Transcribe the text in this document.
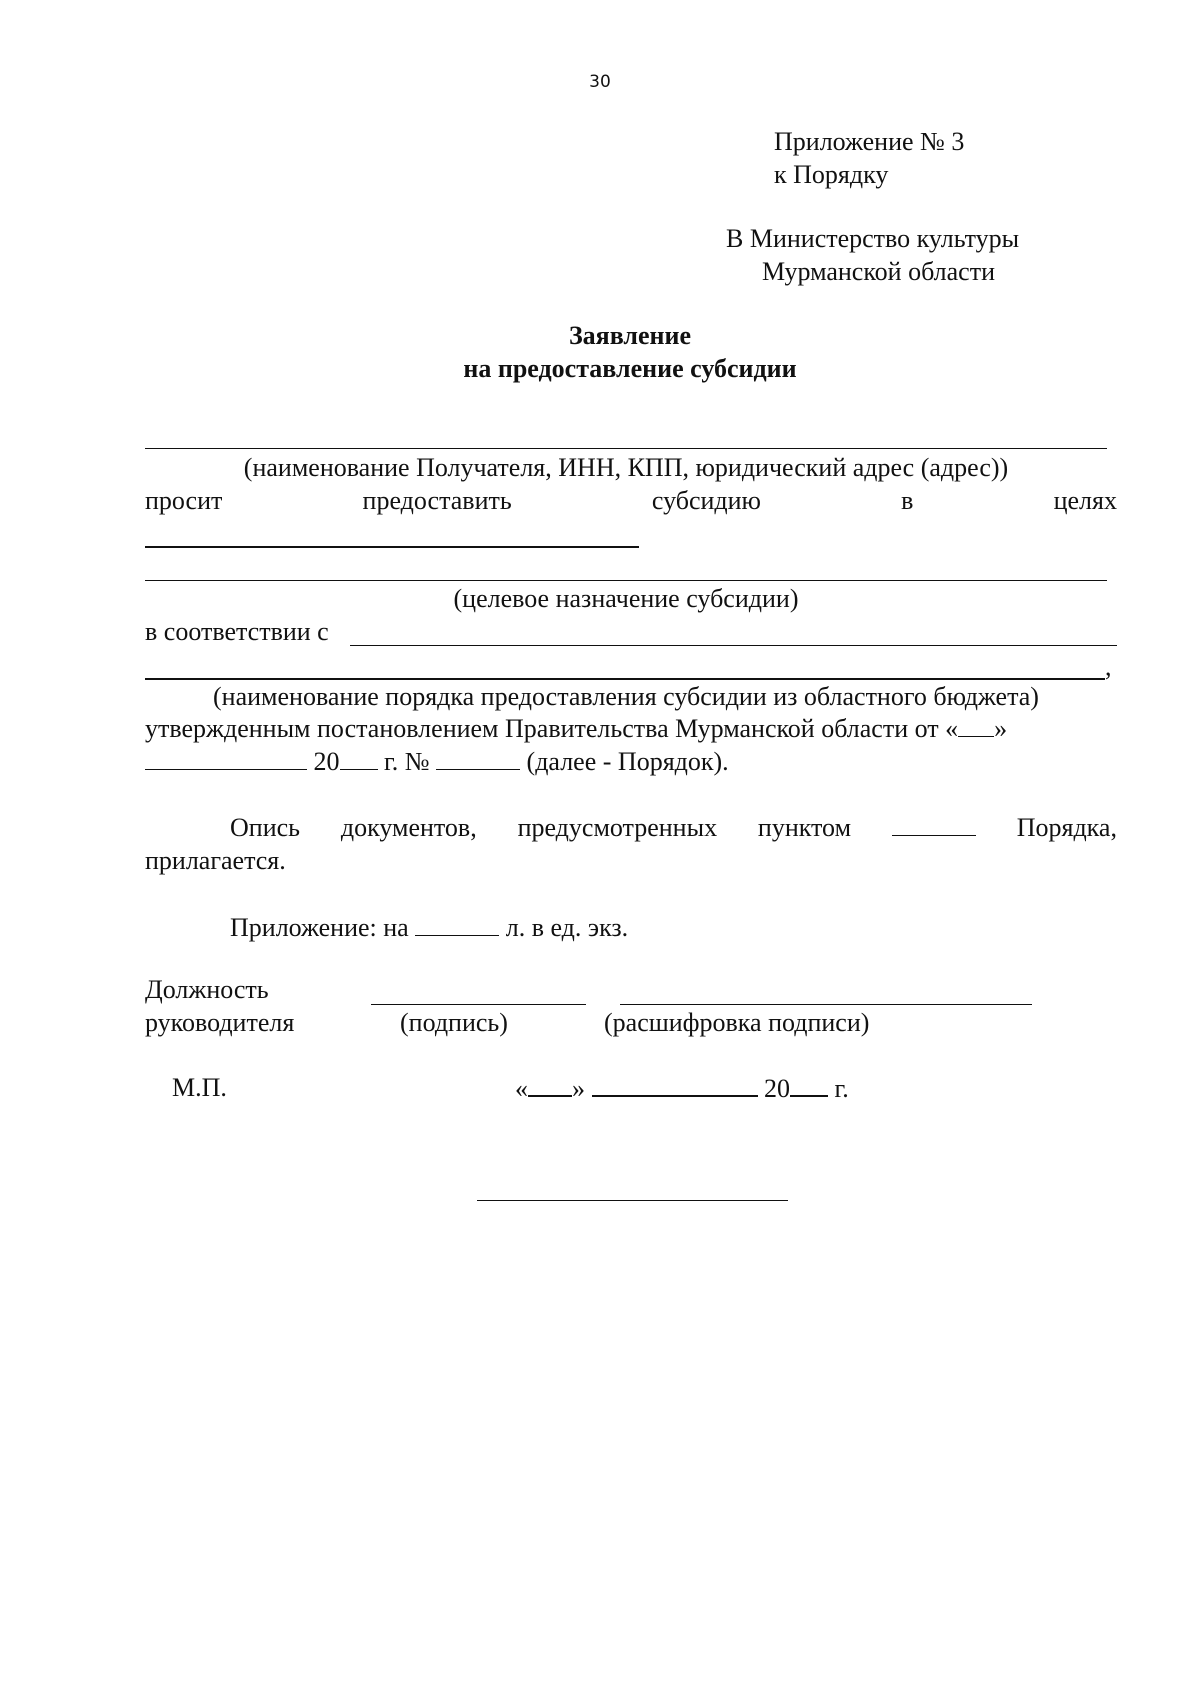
30
Приложение № 3
к Порядку
В Министерство культуры
Мурманской области
Заявление
на предоставление субсидии
(наименование Получателя, ИНН, КПП, юридический адрес (адрес))
просит	предоставить	субсидию	в	целях
(целевое назначение субсидии)
в соответствии с
,
(наименование порядка предоставления субсидии из областного бюджета)
утвержденным постановлением Правительства Мурманской области от « »
20 г. №	(далее - Порядок).
Опись документов, предусмотренных пунктом	Порядка,
прилагается.
Приложение: на	л. в ед. экз.
Должность
руководителя	(подпись)	(расшифровка подписи)
М.П.	« »	20 г.
